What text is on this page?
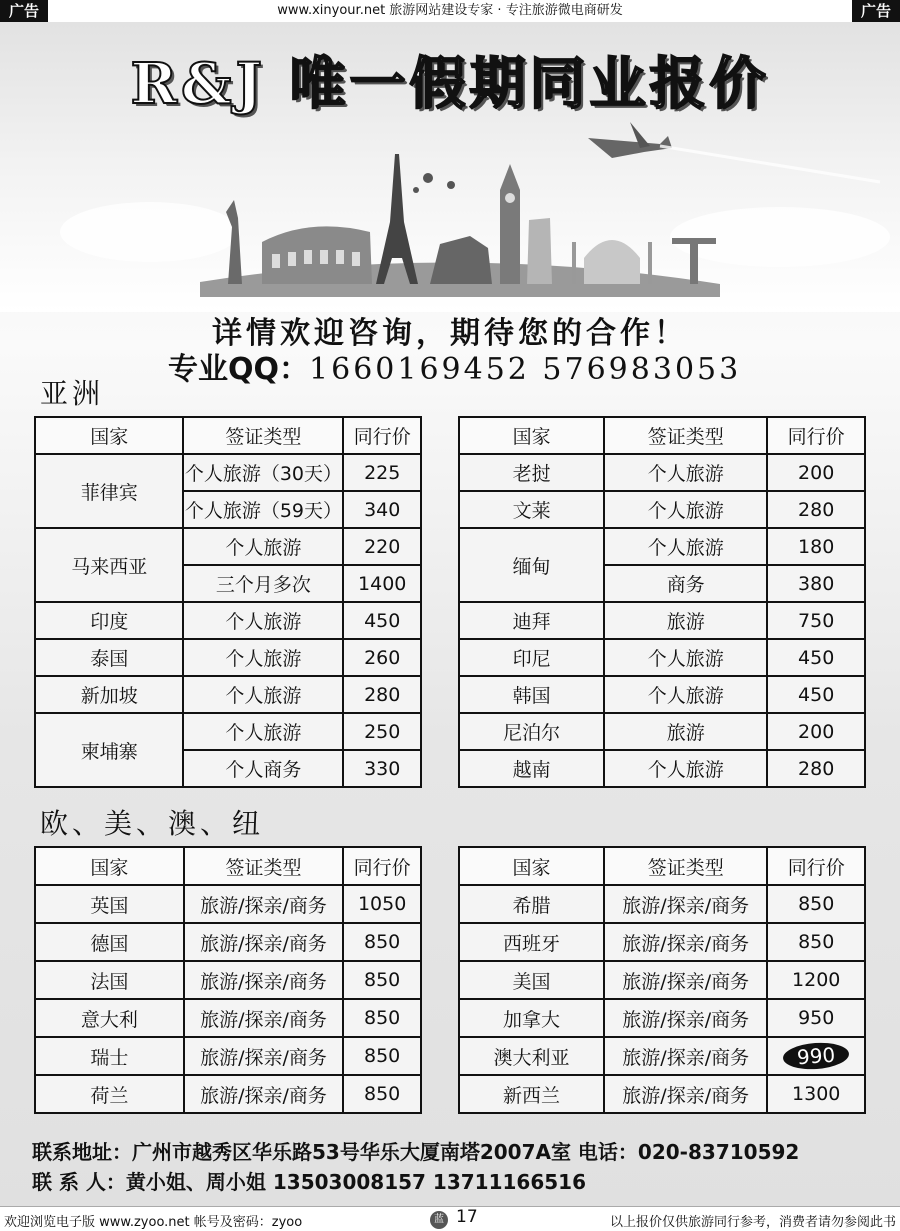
广告	www.xinyour.net 旅游网站建设专家 · 专注旅游微电商研发	广告
R&J 唯一假期同业报价
详情欢迎咨询，期待您的合作！
专业QQ：1660169452 576983053
亚洲
国家	签证类型	同行价
菲律宾	个人旅游（30天）	225
	个人旅游（59天）	340
马来西亚	个人旅游	220
	三个月多次	1400
印度	个人旅游	450
泰国	个人旅游	260
新加坡	个人旅游	280
柬埔寨	个人旅游	250
	个人商务	330
国家	签证类型	同行价
老挝	个人旅游	200
文莱	个人旅游	280
缅甸	个人旅游	180
	商务	380
迪拜	旅游	750
印尼	个人旅游	450
韩国	个人旅游	450
尼泊尔	旅游	200
越南	个人旅游	280
欧、美、澳、纽
国家	签证类型	同行价
英国	旅游/探亲/商务	1050
德国	旅游/探亲/商务	850
法国	旅游/探亲/商务	850
意大利	旅游/探亲/商务	850
瑞士	旅游/探亲/商务	850
荷兰	旅游/探亲/商务	850
国家	签证类型	同行价
希腊	旅游/探亲/商务	850
西班牙	旅游/探亲/商务	850
美国	旅游/探亲/商务	1200
加拿大	旅游/探亲/商务	950
澳大利亚	旅游/探亲/商务	990
新西兰	旅游/探亲/商务	1300
联系地址：广州市越秀区华乐路53号华乐大厦南塔2007A室 电话：020-83710592
联 系 人：黄小姐、周小姐 13503008157 13711166516
欢迎浏览电子版 www.zyoo.net 帐号及密码：zyoo	蓝 17	以上报价仅供旅游同行参考，消费者请勿参阅此书
